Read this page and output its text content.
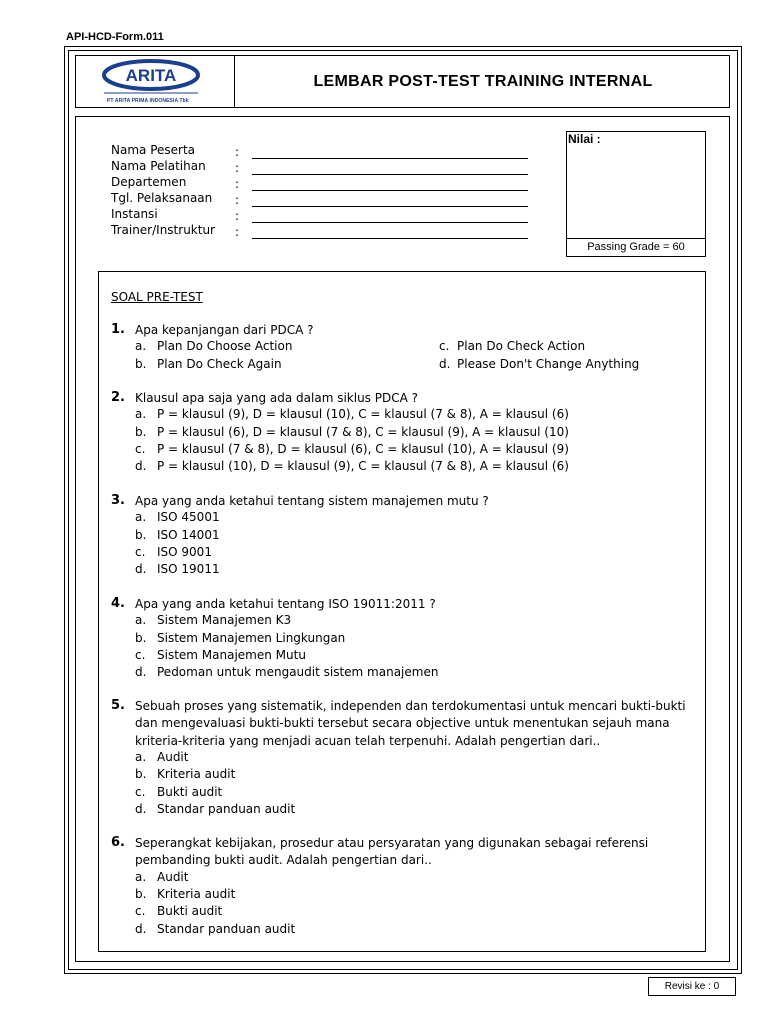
API-HCD-Form.011
ARITA
PT ARITA PRIMA INDONESIA Tbk
LEMBAR POST-TEST TRAINING INTERNAL
Nama Peserta	:
Nama Pelatihan :
Departemen	:
Tgl. Pelaksanaan :
Instansi	:
Trainer/Instruktur :
Nilai :
Passing Grade = 60
SOAL PRE-TEST
1. Apa kepanjangan dari PDCA ?
a. Plan Do Choose Action
b. Plan Do Check Again
c. Plan Do Check Action
d. Please Don't Change Anything
2. Klausul apa saja yang ada dalam siklus PDCA ?
a. P = klausul (9), D = klausul (10), C = klausul (7 & 8), A = klausul (6)
b. P = klausul (6), D = klausul (7 & 8), C = klausul (9), A = klausul (10)
c. P = klausul (7 & 8), D = klausul (6), C = klausul (10), A = klausul (9)
d. P = klausul (10), D = klausul (9), C = klausul (7 & 8), A = klausul (6)
3. Apa yang anda ketahui tentang sistem manajemen mutu ?
a. ISO 45001
b. ISO 14001
c. ISO 9001
d. ISO 19011
4. Apa yang anda ketahui tentang ISO 19011:2011 ?
a. Sistem Manajemen K3
b. Sistem Manajemen Lingkungan
c. Sistem Manajemen Mutu
d. Pedoman untuk mengaudit sistem manajemen
5. Sebuah proses yang sistematik, independen dan terdokumentasi untuk mencari bukti-bukti
dan mengevaluasi bukti-bukti tersebut secara objective untuk menentukan sejauh mana
kriteria-kriteria yang menjadi acuan telah terpenuhi. Adalah pengertian dari..
a. Audit
b. Kriteria audit
c. Bukti audit
d. Standar panduan audit
6. Seperangkat kebijakan, prosedur atau persyaratan yang digunakan sebagai referensi
pembanding bukti audit. Adalah pengertian dari..
a. Audit
b. Kriteria audit
c. Bukti audit
d. Standar panduan audit
Revisi ke : 0
